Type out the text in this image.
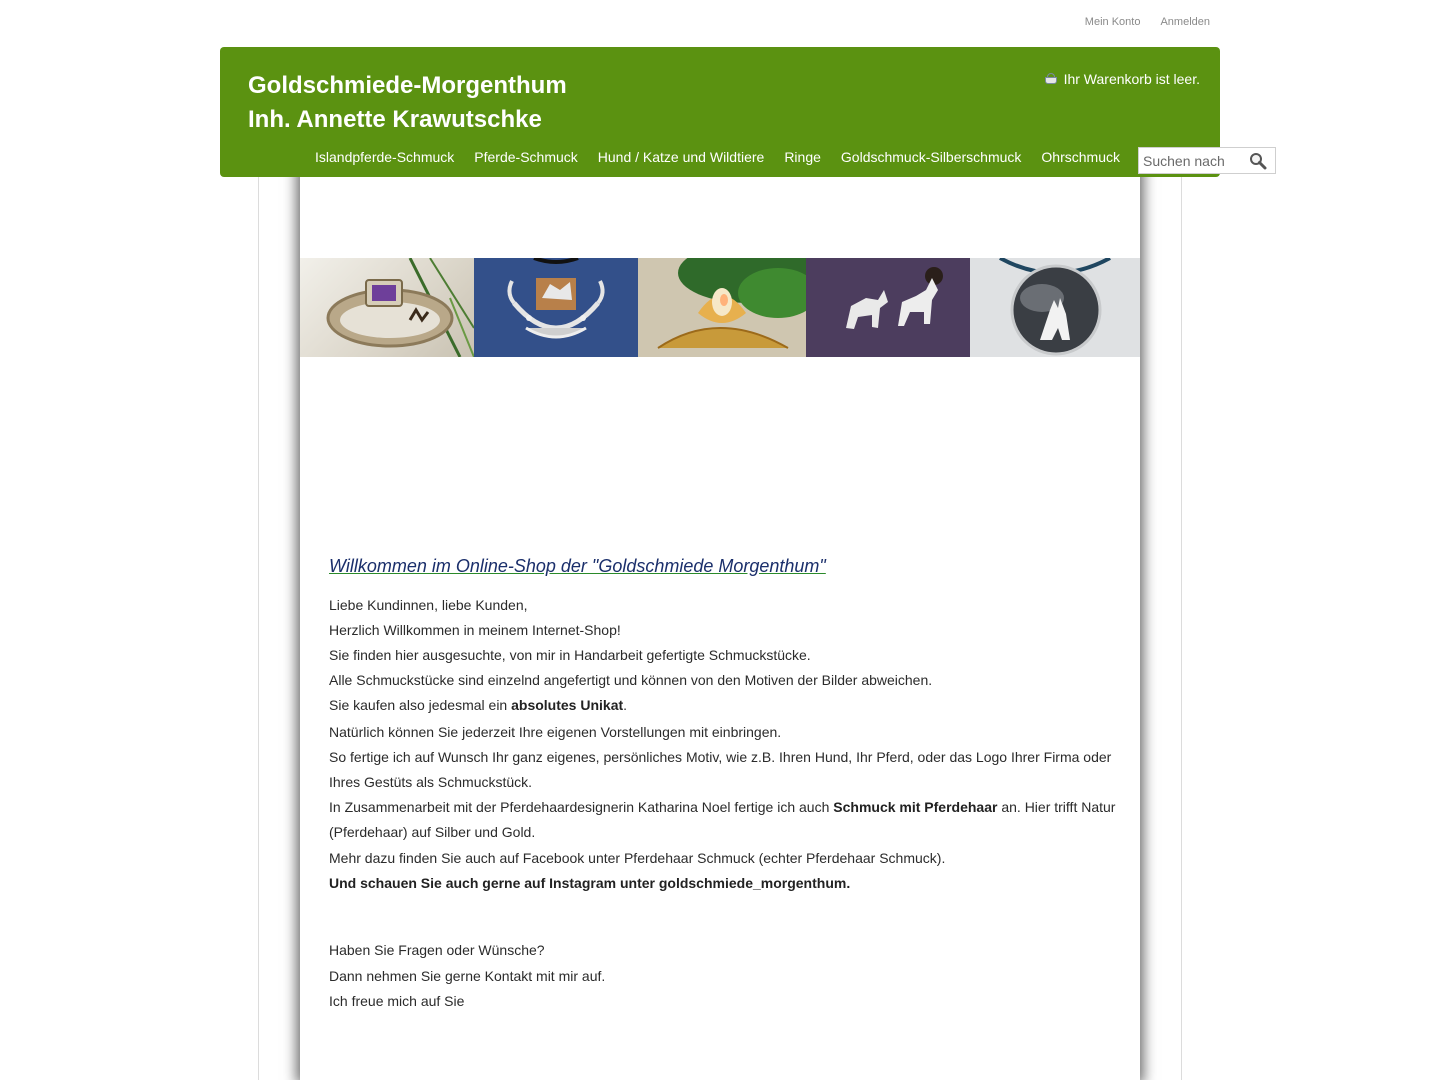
Mein Konto Anmelden
Goldschmiede-Morgenthum
Inh. Annette Krawutschke
Ihr Warenkorb ist leer.
Islandpferde-Schmuck Pferde-Schmuck Hund / Katze und Wildtiere Ringe Goldschmuck-Silberschmuck Ohrschmuck
Suchen nach
Willkommen im Online-Shop der "Goldschmiede Morgenthum"

Liebe Kundinnen, liebe Kunden,

Herzlich Willkommen in meinem Internet-Shop!

Sie finden hier ausgesuchte, von mir in Handarbeit gefertigte Schmuckstücke.

Alle Schmuckstücke sind einzelnd angefertigt und können von den Motiven der Bilder abweichen.

Sie kaufen also jedesmal ein absolutes Unikat.

Natürlich können Sie jederzeit Ihre eigenen Vorstellungen mit einbringen.

So fertige ich auf Wunsch Ihr ganz eigenes, persönliches Motiv, wie z.B. Ihren Hund, Ihr Pferd, oder das Logo Ihrer Firma oder Ihres Gestüts als Schmuckstück.

In Zusammenarbeit mit der Pferdehaardesignerin Katharina Noel fertige ich auch Schmuck mit Pferdehaar an. Hier trifft Natur (Pferdehaar) auf Silber und Gold.

Mehr dazu finden Sie auch auf Facebook unter Pferdehaar Schmuck (echter Pferdehaar Schmuck).

Und schauen Sie auch gerne auf Instagram unter goldschmiede_morgenthum.

Haben Sie Fragen oder Wünsche?

Dann nehmen Sie gerne Kontakt mit mir auf.

Ich freue mich auf Sie
